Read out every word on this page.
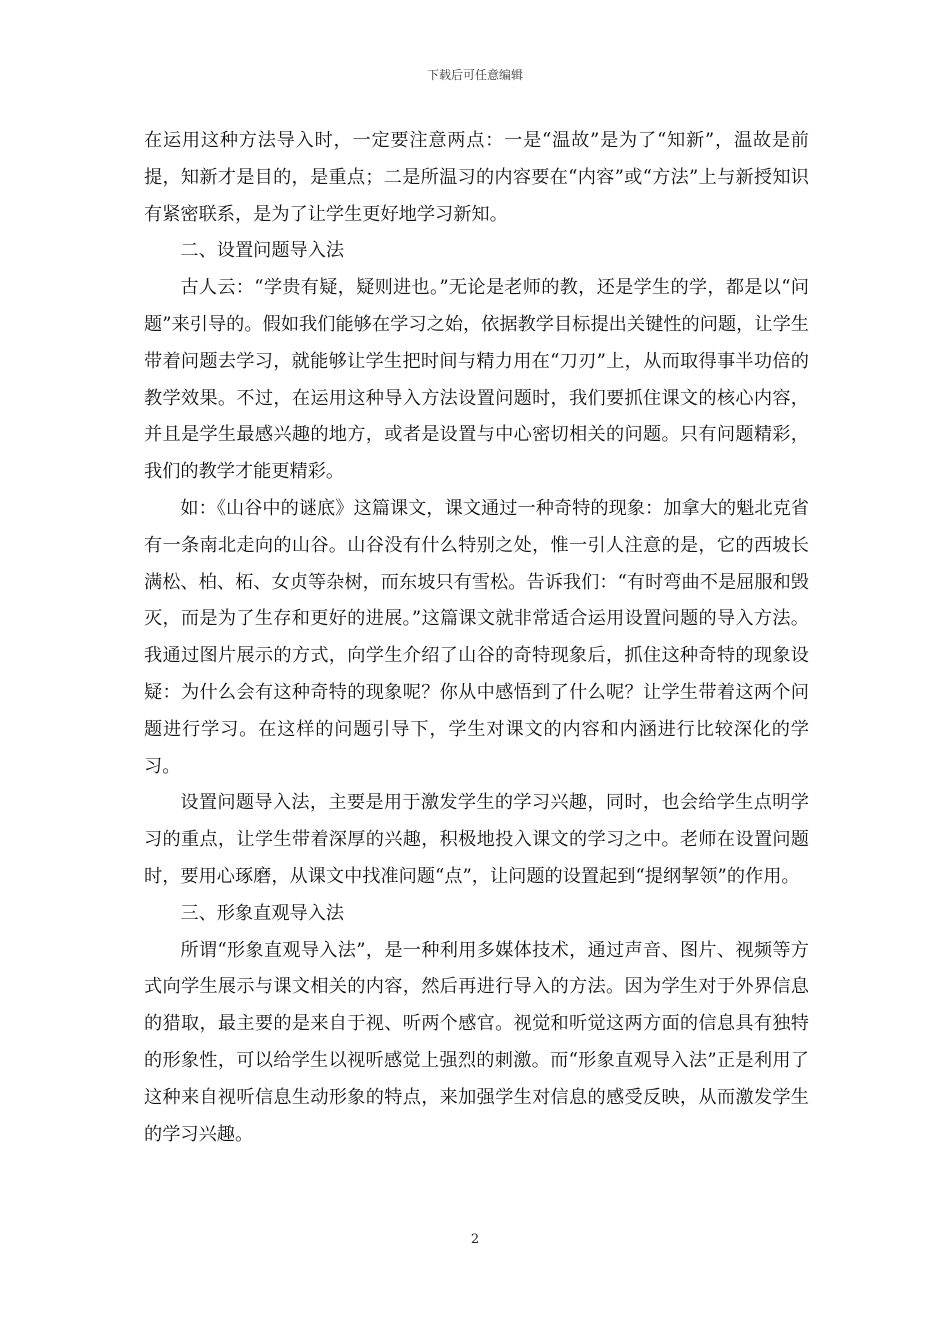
下载后可任意编辑

在运用这种方法导入时，一定要注意两点：一是“温故”是为了“知新”，温故是前提，知新才是目的，是重点；二是所温习的内容要在“内容”或“方法”上与新授知识有紧密联系，是为了让学生更好地学习新知。

二、设置问题导入法

古人云：“学贵有疑，疑则进也。”无论是老师的教，还是学生的学，都是以“问题”来引导的。假如我们能够在学习之始，依据教学目标提出关键性的问题，让学生带着问题去学习，就能够让学生把时间与精力用在“刀刃”上，从而取得事半功倍的教学效果。不过，在运用这种导入方法设置问题时，我们要抓住课文的核心内容，并且是学生最感兴趣的地方，或者是设置与中心密切相关的问题。只有问题精彩，我们的教学才能更精彩。

如：《山谷中的谜底》这篇课文，课文通过一种奇特的现象：加拿大的魁北克省有一条南北走向的山谷。山谷没有什么特别之处，惟一引人注意的是，它的西坡长满松、柏、柘、女贞等杂树，而东坡只有雪松。告诉我们：“有时弯曲不是屈服和毁灭，而是为了生存和更好的进展。”这篇课文就非常适合运用设置问题的导入方法。我通过图片展示的方式，向学生介绍了山谷的奇特现象后，抓住这种奇特的现象设疑：为什么会有这种奇特的现象呢？你从中感悟到了什么呢？让学生带着这两个问题进行学习。在这样的问题引导下，学生对课文的内容和内涵进行比较深化的学习。

设置问题导入法，主要是用于激发学生的学习兴趣，同时，也会给学生点明学习的重点，让学生带着深厚的兴趣，积极地投入课文的学习之中。老师在设置问题时，要用心琢磨，从课文中找准问题“点”，让问题的设置起到“提纲挈领”的作用。

三、形象直观导入法

所谓“形象直观导入法”，是一种利用多媒体技术，通过声音、图片、视频等方式向学生展示与课文相关的内容，然后再进行导入的方法。因为学生对于外界信息的猎取，最主要的是来自于视、听两个感官。视觉和听觉这两方面的信息具有独特的形象性，可以给学生以视听感觉上强烈的刺激。而“形象直观导入法”正是利用了这种来自视听信息生动形象的特点，来加强学生对信息的感受反映，从而激发学生的学习兴趣。

2
